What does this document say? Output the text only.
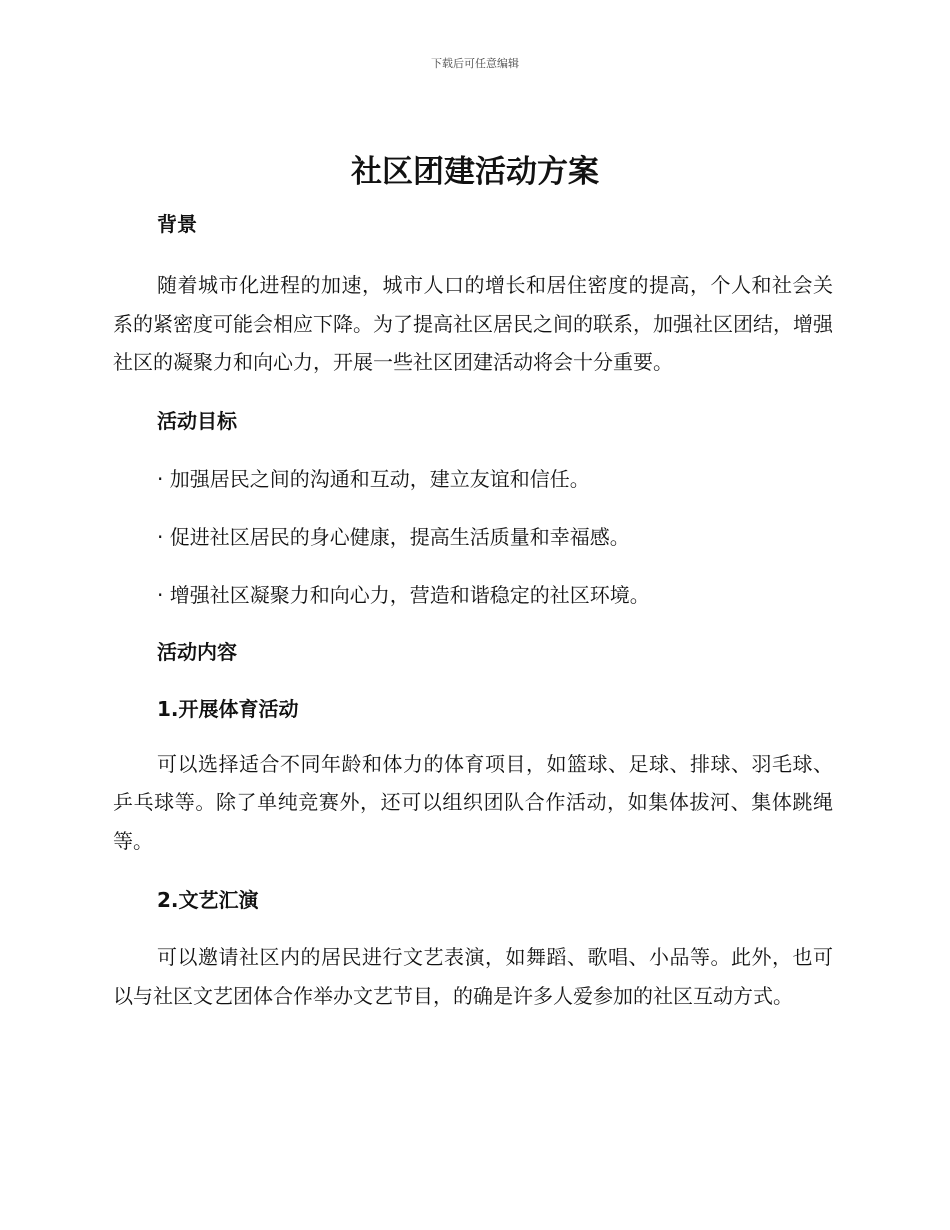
下载后可任意编辑
社区团建活动方案
背景

随着城市化进程的加速，城市人口的增长和居住密度的提高，个人和社会关系的紧密度可能会相应下降。为了提高社区居民之间的联系，加强社区团结，增强社区的凝聚力和向心力，开展一些社区团建活动将会十分重要。

活动目标
· 加强居民之间的沟通和互动，建立友谊和信任。
· 促进社区居民的身心健康，提高生活质量和幸福感。
· 增强社区凝聚力和向心力，营造和谐稳定的社区环境。
活动内容
1.开展体育活动

可以选择适合不同年龄和体力的体育项目，如篮球、足球、排球、羽毛球、乒乓球等。除了单纯竞赛外，还可以组织团队合作活动，如集体拔河、集体跳绳等。

2.文艺汇演

可以邀请社区内的居民进行文艺表演，如舞蹈、歌唱、小品等。此外，也可以与社区文艺团体合作举办文艺节目，的确是许多人爱参加的社区互动方式。
